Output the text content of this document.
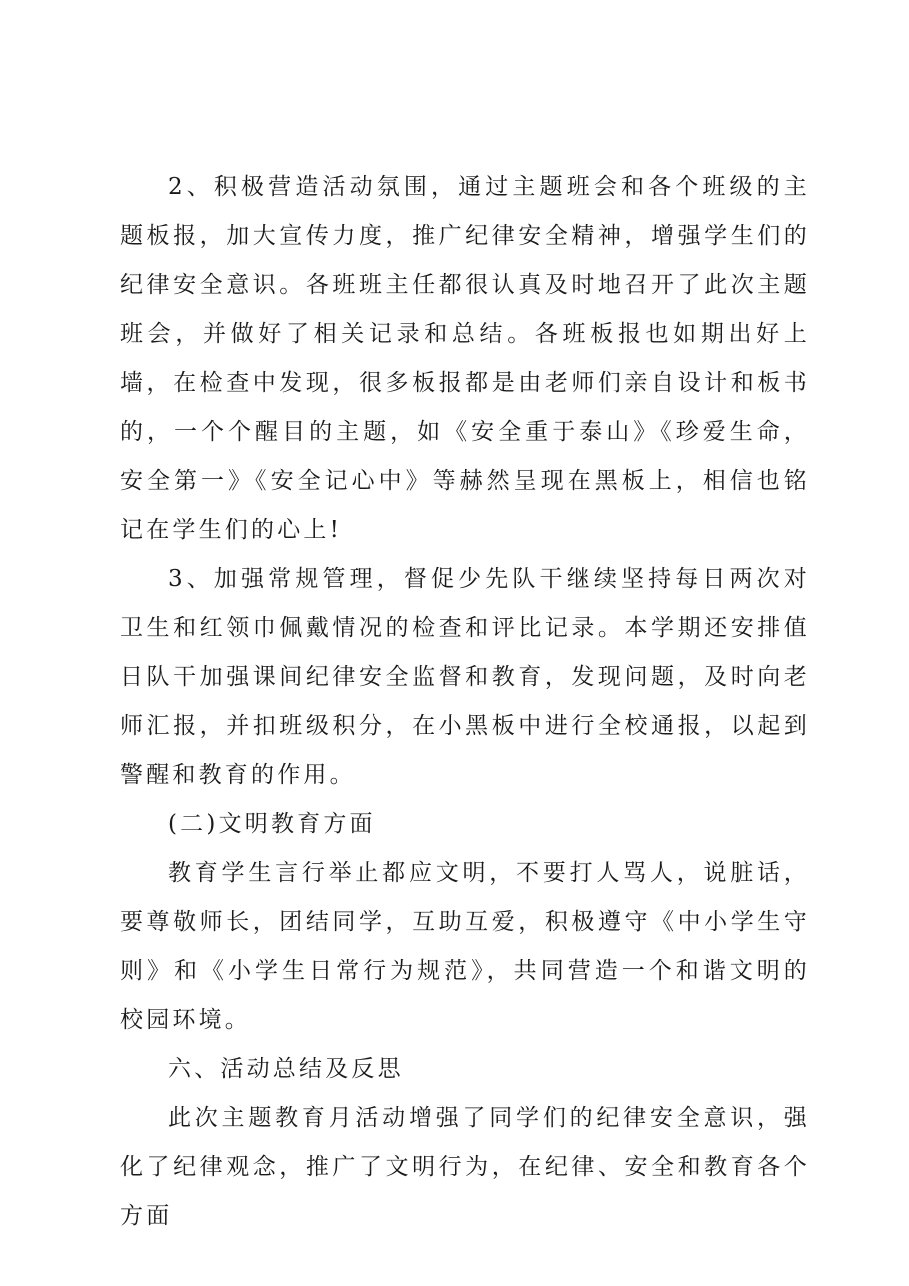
2、积极营造活动氛围，通过主题班会和各个班级的主题板报，加大宣传力度，推广纪律安全精神，增强学生们的纪律安全意识。各班班主任都很认真及时地召开了此次主题班会，并做好了相关记录和总结。各班板报也如期出好上墙，在检查中发现，很多板报都是由老师们亲自设计和板书的，一个个醒目的主题，如《安全重于泰山》《珍爱生命，安全第一》《安全记心中》等赫然呈现在黑板上，相信也铭记在学生们的心上!

3、加强常规管理，督促少先队干继续坚持每日两次对卫生和红领巾佩戴情况的检查和评比记录。本学期还安排值日队干加强课间纪律安全监督和教育，发现问题，及时向老师汇报，并扣班级积分，在小黑板中进行全校通报，以起到警醒和教育的作用。

(二)文明教育方面

教育学生言行举止都应文明，不要打人骂人，说脏话，要尊敬师长，团结同学，互助互爱，积极遵守《中小学生守则》和《小学生日常行为规范》，共同营造一个和谐文明的校园环境。

六、活动总结及反思

此次主题教育月活动增强了同学们的纪律安全意识，强化了纪律观念，推广了文明行为，在纪律、安全和教育各个方面
